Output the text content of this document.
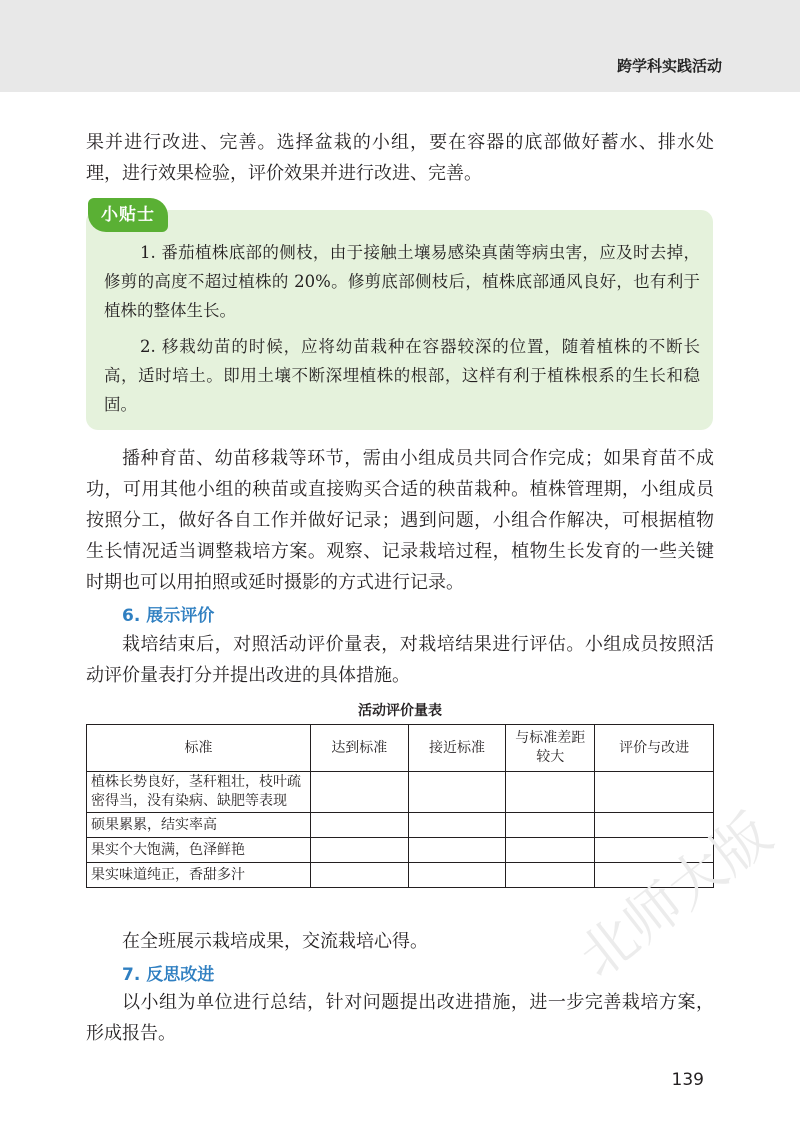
跨学科实践活动

果并进行改进、完善。选择盆栽的小组，要在容器的底部做好蓄水、排水处理，进行效果检验，评价效果并进行改进、完善。

小贴士

1. 番茄植株底部的侧枝，由于接触土壤易感染真菌等病虫害，应及时去掉，修剪的高度不超过植株的 20%。修剪底部侧枝后，植株底部通风良好，也有利于植株的整体生长。

2. 移栽幼苗的时候，应将幼苗栽种在容器较深的位置，随着植株的不断长高，适时培土。即用土壤不断深埋植株的根部，这样有利于植株根系的生长和稳固。

播种育苗、幼苗移栽等环节，需由小组成员共同合作完成；如果育苗不成功，可用其他小组的秧苗或直接购买合适的秧苗栽种。植株管理期，小组成员按照分工，做好各自工作并做好记录；遇到问题，小组合作解决，可根据植物生长情况适当调整栽培方案。观察、记录栽培过程，植物生长发育的一些关键时期也可以用拍照或延时摄影的方式进行记录。

6. 展示评价

栽培结束后，对照活动评价量表，对栽培结果进行评估。小组成员按照活动评价量表打分并提出改进的具体措施。

活动评价量表
标准	达到标准	接近标准	与标准差距较大	评价与改进
植株长势良好，茎秆粗壮，枝叶疏密得当，没有染病、缺肥等表现				
硕果累累，结实率高				
果实个大饱满，色泽鲜艳				
果实味道纯正，香甜多汁				

在全班展示栽培成果，交流栽培心得。

7. 反思改进

以小组为单位进行总结，针对问题提出改进措施，进一步完善栽培方案，形成报告。

北师大版
139
